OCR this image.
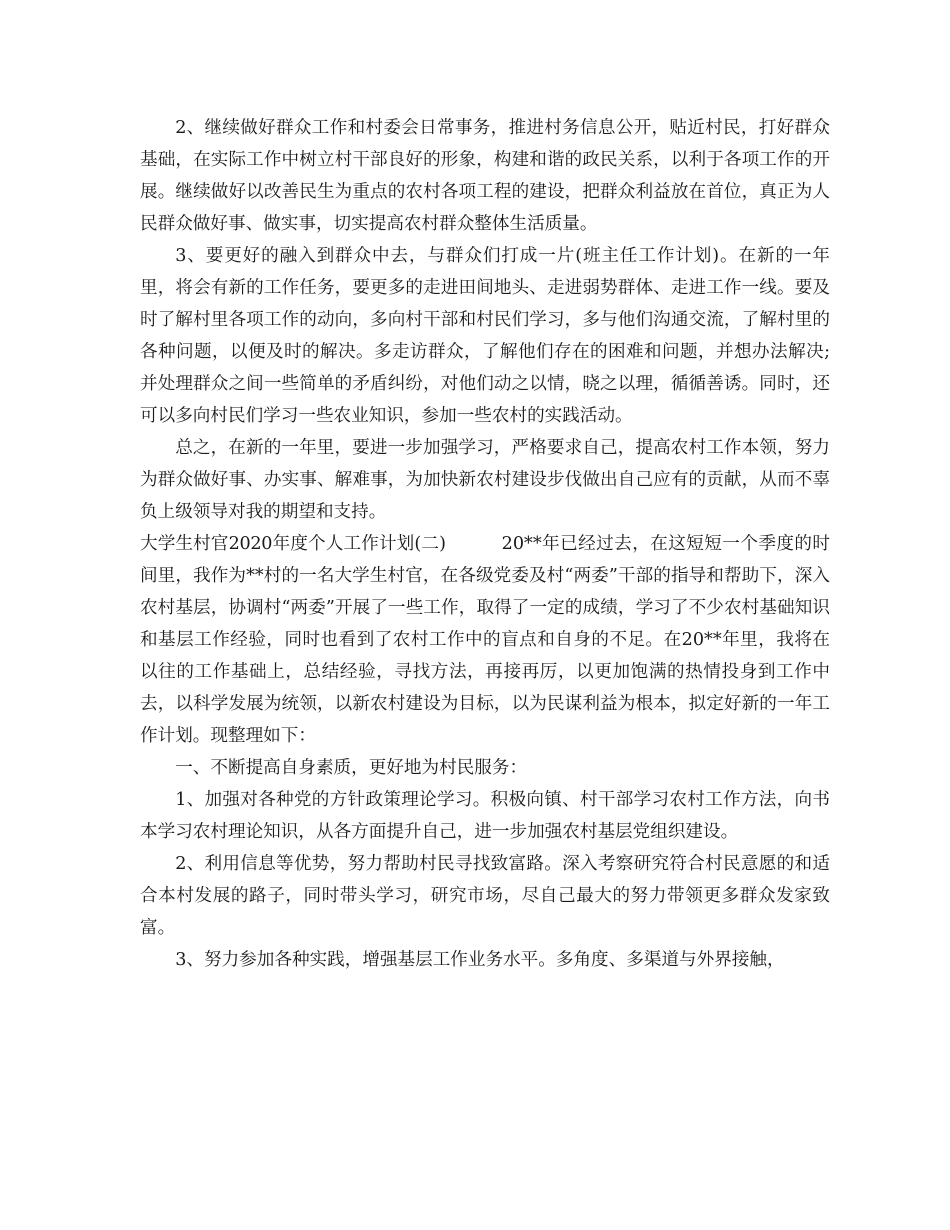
2、继续做好群众工作和村委会日常事务，推进村务信息公开，贴近村民，打好群众基础，在实际工作中树立村干部良好的形象，构建和谐的政民关系，以利于各项工作的开展。继续做好以改善民生为重点的农村各项工程的建设，把群众利益放在首位，真正为人民群众做好事、做实事，切实提高农村群众整体生活质量。

3、要更好的融入到群众中去，与群众们打成一片(班主任工作计划)。在新的一年里，将会有新的工作任务，要更多的走进田间地头、走进弱势群体、走进工作一线。要及时了解村里各项工作的动向，多向村干部和村民们学习，多与他们沟通交流，了解村里的各种问题，以便及时的解决。多走访群众，了解他们存在的困难和问题，并想办法解决;并处理群众之间一些简单的矛盾纠纷，对他们动之以情，晓之以理，循循善诱。同时，还可以多向村民们学习一些农业知识，参加一些农村的实践活动。

总之，在新的一年里，要进一步加强学习，严格要求自己，提高农村工作本领，努力为群众做好事、办实事、解难事，为加快新农村建设步伐做出自己应有的贡献，从而不辜负上级领导对我的期望和支持。

大学生村官2020年度个人工作计划(二)	20**年已经过去，在这短短一个季度的时间里，我作为**村的一名大学生村官，在各级党委及村“两委”干部的指导和帮助下，深入农村基层，协调村“两委”开展了一些工作，取得了一定的成绩，学习了不少农村基础知识和基层工作经验，同时也看到了农村工作中的盲点和自身的不足。在20**年里，我将在以往的工作基础上，总结经验，寻找方法，再接再厉，以更加饱满的热情投身到工作中去，以科学发展为统领，以新农村建设为目标，以为民谋利益为根本，拟定好新的一年工作计划。现整理如下：

一、不断提高自身素质，更好地为村民服务：

1、加强对各种党的方针政策理论学习。积极向镇、村干部学习农村工作方法，向书本学习农村理论知识，从各方面提升自己，进一步加强农村基层党组织建设。

2、利用信息等优势，努力帮助村民寻找致富路。深入考察研究符合村民意愿的和适合本村发展的路子，同时带头学习，研究市场，尽自己最大的努力带领更多群众发家致富。

3、努力参加各种实践，增强基层工作业务水平。多角度、多渠道与外界接触，
